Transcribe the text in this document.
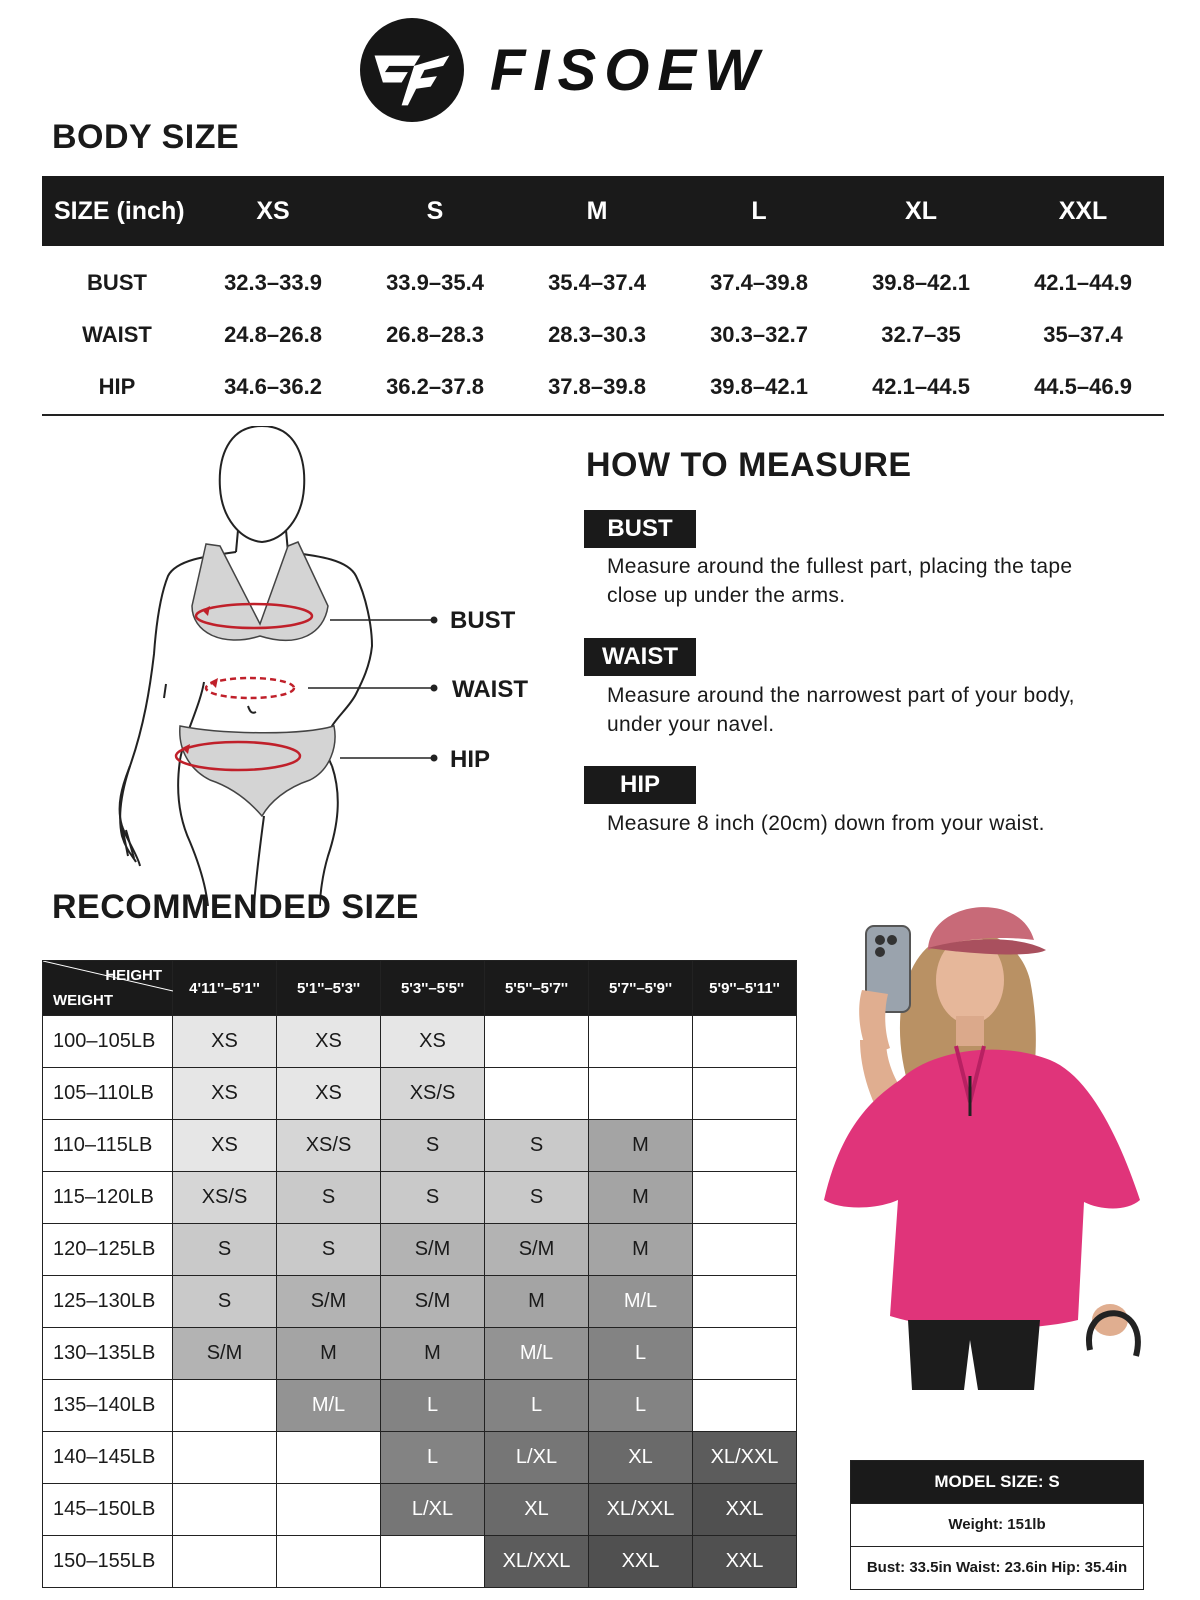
FISOEW
BODY SIZE
SIZE (inch)	XS	S	M	L	XL	XXL
BUST	32.3–33.9	33.9–35.4	35.4–37.4	37.4–39.8	39.8–42.1	42.1–44.9
WAIST	24.8–26.8	26.8–28.3	28.3–30.3	30.3–32.7	32.7–35	35–37.4
HIP	34.6–36.2	36.2–37.8	37.8–39.8	39.8–42.1	42.1–44.5	44.5–46.9
BUST
WAIST
HIP
HOW TO MEASURE
BUST
Measure around the fullest part, placing the tape
close up under the arms.
WAIST
Measure around the narrowest part of your body,
under your navel.
HIP
Measure 8 inch (20cm) down from your waist.
RECOMMENDED SIZE
HEIGHT
WEIGHT	4'11''–5'1''	5'1''–5'3''	5'3''–5'5''	5'5''–5'7''	5'7''–5'9''	5'9''–5'11''
100–105LB	XS	XS	XS			
105–110LB	XS	XS	XS/S			
110–115LB	XS	XS/S	S	S	M	
115–120LB	XS/S	S	S	S	M	
120–125LB	S	S	S/M	S/M	M	
125–130LB	S	S/M	S/M	M	M/L	
130–135LB	S/M	M	M	M/L	L	
135–140LB		M/L	L	L	L	
140–145LB			L	L/XL	XL	XL/XXL
145–150LB			L/XL	XL	XL/XXL	XXL
150–155LB				XL/XXL	XXL	XXL
MODEL SIZE: S
Weight: 151lb
Bust: 33.5in Waist: 23.6in Hip: 35.4in
